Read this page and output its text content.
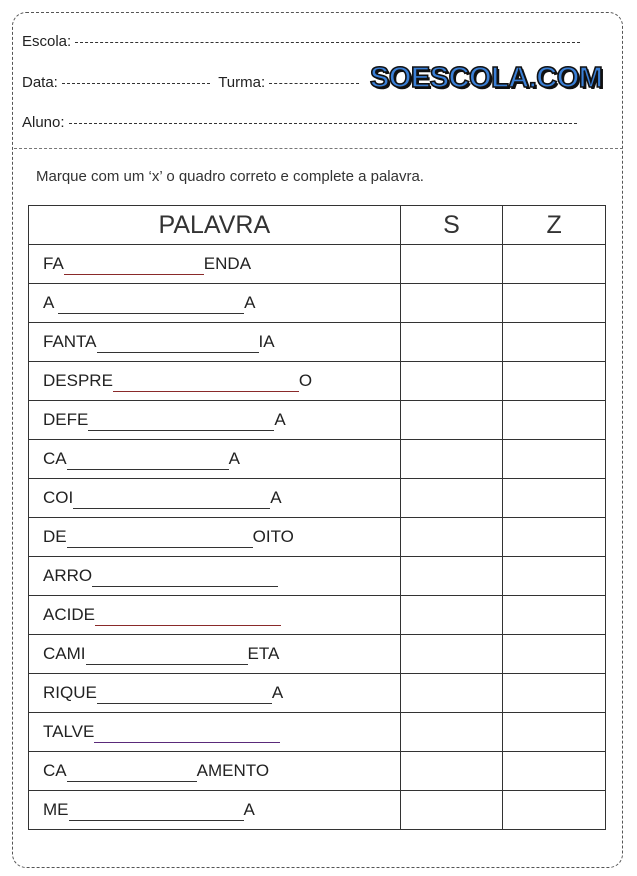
Escola:
Data:	Turma:	SOESCOLA.COM
Aluno:
Marque com um ‘x’ o quadro correto e complete a palavra.
PALAVRA	S	Z
FA ENDA		
A A		
FANTA IA		
DESPRE O		
DEFE A		
CA A		
COI A		
DE OITO		
ARRO		
ACIDE		
CAMI ETA		
RIQUE A		
TALVE		
CA AMENTO		
ME A		
